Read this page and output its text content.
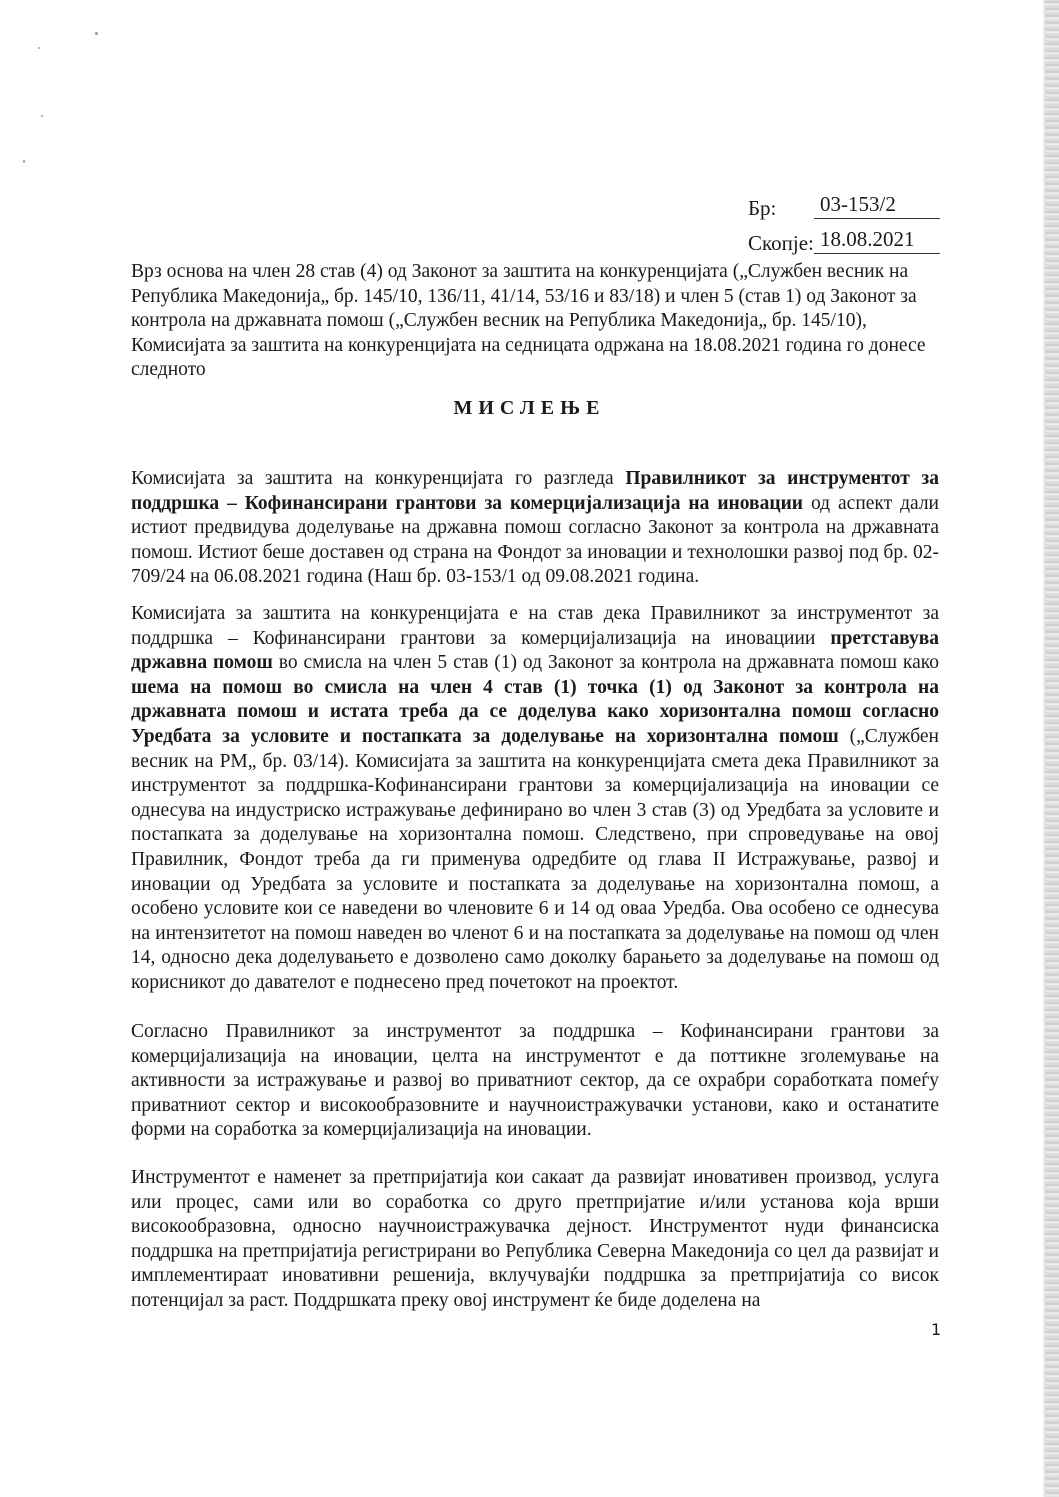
Бр:	03-153/2
Скопје: 18.08.2021

Врз основа на член 28 став (4) од Законот за заштита на конкуренцијата („Службен весник на Република Македонија„ бр. 145/10, 136/11, 41/14, 53/16 и 83/18) и член 5 (став 1) од Законот за контрола на државната помош („Службен весник на Република Македонија„ бр. 145/10), Комисијата за заштита на конкуренцијата на седницата одржана на 18.08.2021 година го донесе следното

МИСЛЕЊЕ

Комисијата за заштита на конкуренцијата го разгледа Правилникот за инструментот за поддршка – Кофинансирани грантови за комерцијализација на иновации од аспект дали истиот предвидува доделување на државна помош согласно Законот за контрола на државната помош. Истиот беше доставен од страна на Фондот за иновации и технолошки развој под бр. 02-709/24 на 06.08.2021 година (Наш бр. 03-153/1 од 09.08.2021 година.

Комисијата за заштита на конкуренцијата е на став дека Правилникот за инструментот за поддршка – Кофинансирани грантови за комерцијализација на иновациии претставува државна помош во смисла на член 5 став (1) од Законот за контрола на државната помош како шема на помош во смисла на член 4 став (1) точка (1) од Законот за контрола на државната помош и истата треба да се доделува како хоризонтална помош согласно Уредбата за условите и постапката за доделување на хоризонтална помош („Службен весник на РМ„ бр. 03/14). Комисијата за заштита на конкуренцијата смета дека Правилникот за инструментот за поддршка-Кофинансирани грантови за комерцијализација на иновации се однесува на индустриско истражување дефинирано во член 3 став (3) од Уредбата за условите и постапката за доделување на хоризонтална помош. Следствено, при спроведување на овој Правилник, Фондот треба да ги применува одредбите од глава II Истражување, развој и иновации од Уредбата за условите и постапката за доделување на хоризонтална помош, а особено условите кои се наведени во членовите 6 и 14 од оваа Уредба. Ова особено се однесува на интензитетот на помош наведен во членот 6 и на постапката за доделување на помош од член 14, односно дека доделувањето е дозволено само доколку барањето за доделување на помош од корисникот до давателот е поднесено пред почетокот на проектот.

Согласно Правилникот за инструментот за поддршка – Кофинансирани грантови за комерцијализација на иновации, целта на инструментот е да поттикне зголемување на активности за истражување и развој во приватниот сектор, да се охрабри соработката помеѓу приватниот сектор и високообразовните и научноистражувачки установи, како и останатите форми на соработка за комерцијализација на иновации.

Инструментот е наменет за претпријатија кои сакаат да развијат иновативен производ, услуга или процес, сами или во соработка со друго претпријатие и/или установа која врши високообразовна, односно научноистражувачка дејност. Инструментот нуди финансиска поддршка на претпријатија регистрирани во Република Северна Македонија со цел да развијат и имплементираат иновативни решенија, вклучувајќи поддршка за претпријатија со висок потенцијал за раст. Поддршката преку овој инструмент ќе биде доделена на

1
